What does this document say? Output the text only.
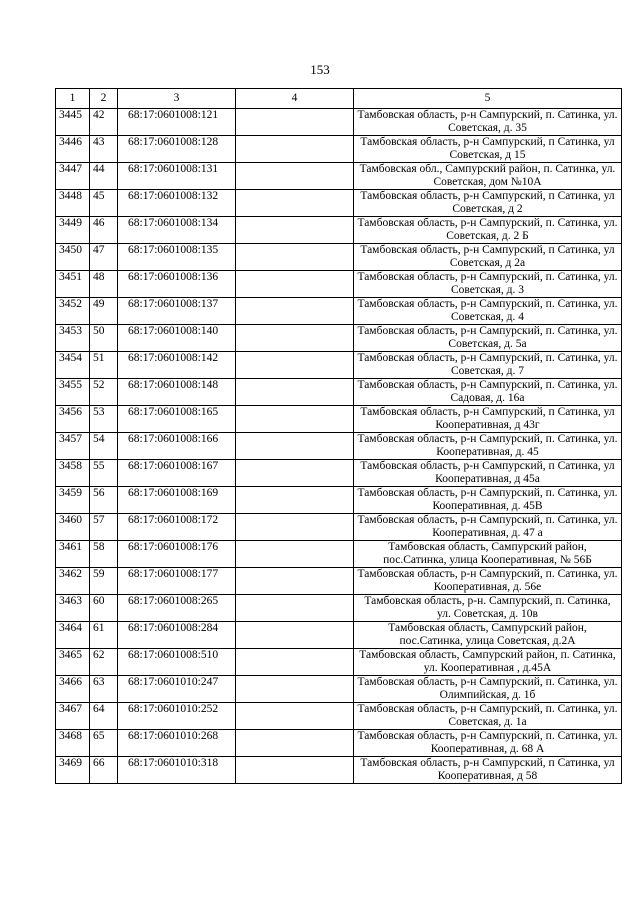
153
1	2	3	4	5
3445	42	68:17:0601008:121		Тамбовская область, р-н Сампурский, п. Сатинка, ул. Советская, д. 35
3446	43	68:17:0601008:128		Тамбовская область, р-н Сампурский, п Сатинка, ул Советская, д 15
3447	44	68:17:0601008:131		Тамбовская обл., Сампурский район, п. Сатинка, ул. Советская, дом №10А
3448	45	68:17:0601008:132		Тамбовская область, р-н Сампурский, п Сатинка, ул Советская, д 2
3449	46	68:17:0601008:134		Тамбовская область, р-н Сампурский, п. Сатинка, ул. Советская, д. 2 Б
3450	47	68:17:0601008:135		Тамбовская область, р-н Сампурский, п Сатинка, ул Советская, д 2а
3451	48	68:17:0601008:136		Тамбовская область, р-н Сампурский, п. Сатинка, ул. Советская, д. 3
3452	49	68:17:0601008:137		Тамбовская область, р-н Сампурский, п. Сатинка, ул. Советская, д. 4
3453	50	68:17:0601008:140		Тамбовская область, р-н Сампурский, п. Сатинка, ул. Советская, д. 5а
3454	51	68:17:0601008:142		Тамбовская область, р-н Сампурский, п. Сатинка, ул. Советская, д. 7
3455	52	68:17:0601008:148		Тамбовская область, р-н Сампурский, п. Сатинка, ул. Садовая, д. 16а
3456	53	68:17:0601008:165		Тамбовская область, р-н Сампурский, п Сатинка, ул Кооперативная, д 43г
3457	54	68:17:0601008:166		Тамбовская область, р-н Сампурский, п. Сатинка, ул. Кооперативная, д. 45
3458	55	68:17:0601008:167		Тамбовская область, р-н Сампурский, п Сатинка, ул Кооперативная, д 45а
3459	56	68:17:0601008:169		Тамбовская область, р-н Сампурский, п. Сатинка, ул. Кооперативная, д. 45В
3460	57	68:17:0601008:172		Тамбовская область, р-н Сампурский, п. Сатинка, ул. Кооперативная, д. 47 а
3461	58	68:17:0601008:176		Тамбовская область, Сампурский район, пос.Сатинка, улица Кооперативная, № 56Б
3462	59	68:17:0601008:177		Тамбовская область, р-н Сампурский, п. Сатинка, ул. Кооперативная, д. 56е
3463	60	68:17:0601008:265		Тамбовская область, р-н. Сампурский, п. Сатинка, ул. Советская, д. 10в
3464	61	68:17:0601008:284		Тамбовская область, Сампурский район, пос.Сатинка, улица Советская, д.2А
3465	62	68:17:0601008:510		Тамбовская область, Сампурский район, п. Сатинка, ул. Кооперативная , д.45А
3466	63	68:17:0601010:247		Тамбовская область, р-н Сампурский, п. Сатинка, ул. Олимпийская, д. 1б
3467	64	68:17:0601010:252		Тамбовская область, р-н Сампурский, п. Сатинка, ул. Советская, д. 1а
3468	65	68:17:0601010:268		Тамбовская область, р-н Сампурский, п. Сатинка, ул. Кооперативная, д. 68 А
3469	66	68:17:0601010:318		Тамбовская область, р-н Сампурский, п Сатинка, ул Кооперативная, д 58
